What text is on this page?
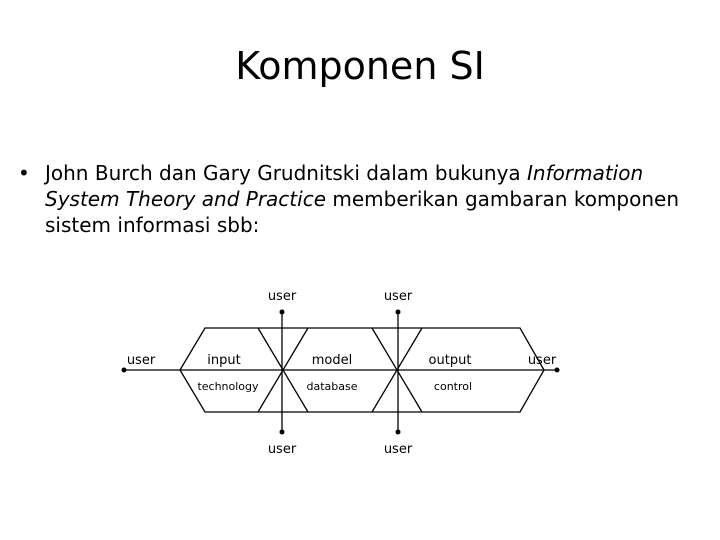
Komponen SI
• John Burch dan Gary Grudnitski dalam bukunya Information System Theory and Practice memberikan gambaran komponen sistem informasi sbb:
user	user
user	user
user	user
input	model	output
technology	database	control
